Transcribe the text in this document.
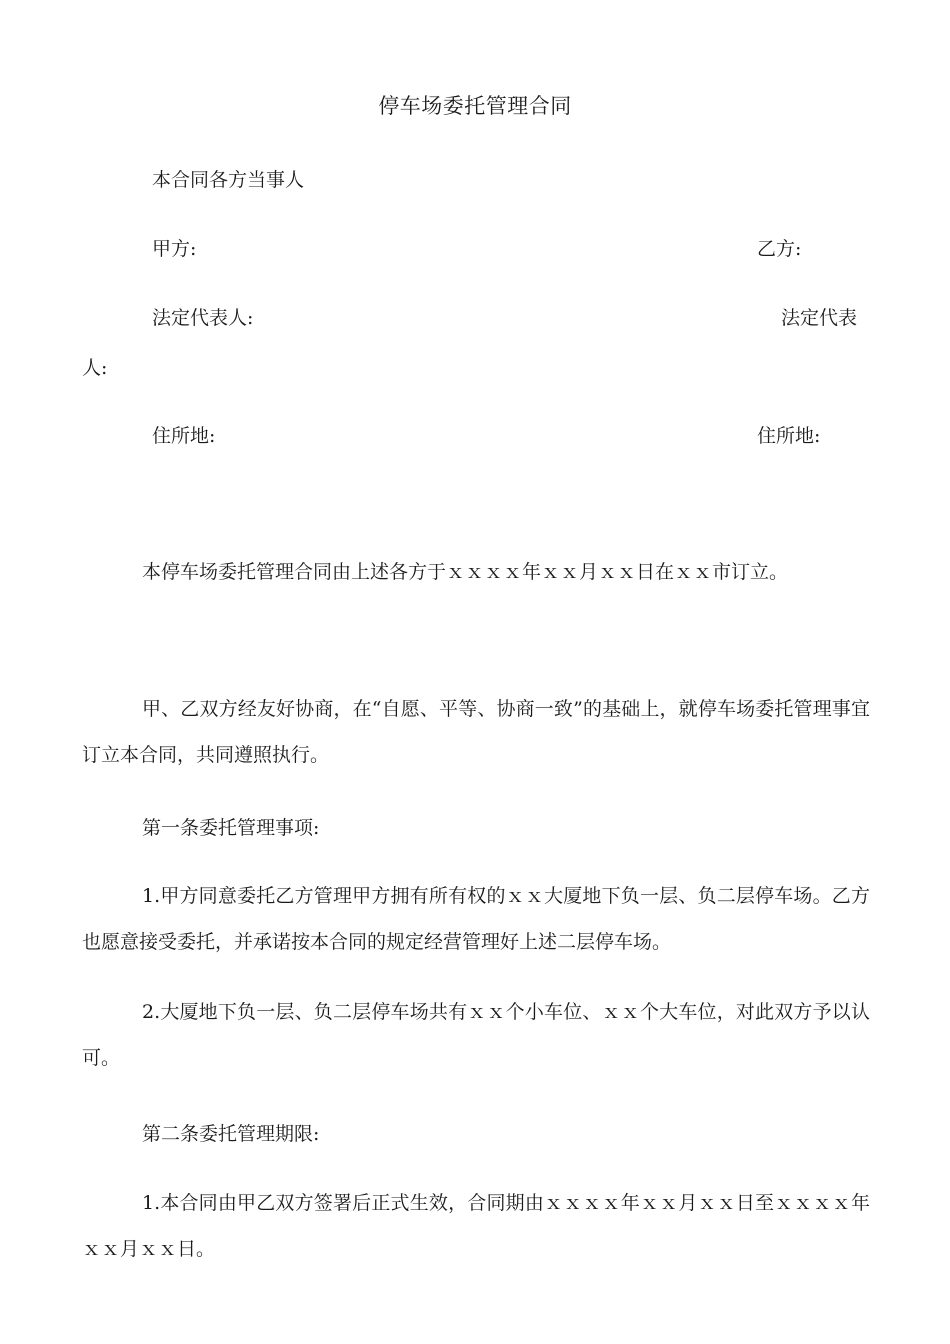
停车场委托管理合同

本合同各方当事人

甲方:	乙方:

法定代表人:	法定代表

人:

住所地:	住所地:

本停车场委托管理合同由上述各方于ｘｘｘｘ年ｘｘ月ｘｘ日在ｘｘ市订立。

甲、乙双方经友好协商，在“自愿、平等、协商一致”的基础上，就停车场委托管理事宜订立本合同，共同遵照执行。

第一条委托管理事项:

1.甲方同意委托乙方管理甲方拥有所有权的ｘｘ大厦地下负一层、负二层停车场。乙方也愿意接受委托，并承诺按本合同的规定经营管理好上述二层停车场。

2.大厦地下负一层、负二层停车场共有ｘｘ个小车位、ｘｘ个大车位，对此双方予以认可。

第二条委托管理期限:

1.本合同由甲乙双方签署后正式生效，合同期由ｘｘｘｘ年ｘｘ月ｘｘ日至ｘｘｘｘ年ｘｘ月ｘｘ日。
